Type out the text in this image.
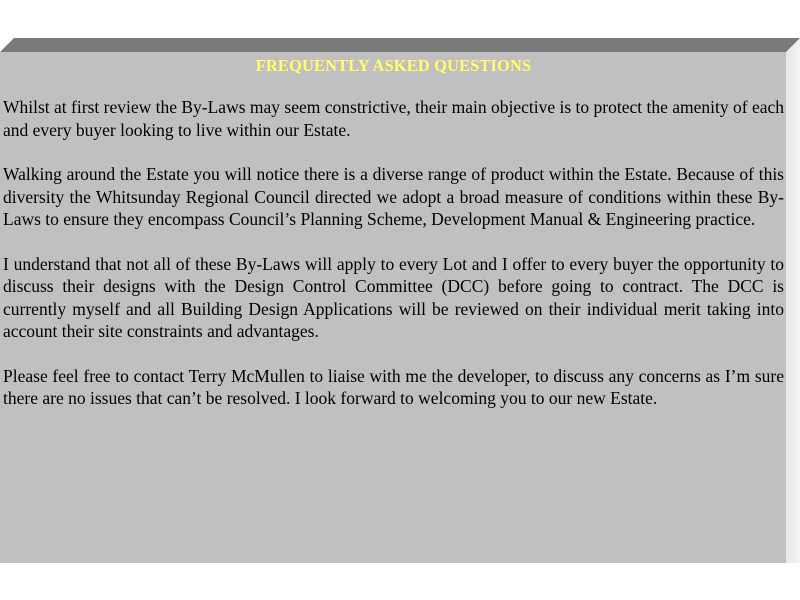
FREQUENTLY ASKED QUESTIONS

Whilst at first review the By-Laws may seem constrictive, their main objective is to protect the amenity of each and every buyer looking to live within our Estate.

Walking around the Estate you will notice there is a diverse range of product within the Estate. Because of this diversity the Whitsunday Regional Council directed we adopt a broad measure of conditions within these By-Laws to ensure they encompass Council’s Planning Scheme, Development Manual & Engineering practice.

I understand that not all of these By-Laws will apply to every Lot and I offer to every buyer the opportunity to discuss their designs with the Design Control Committee (DCC) before going to contract. The DCC is currently myself and all Building Design Applications will be reviewed on their individual merit taking into account their site constraints and advantages.

Please feel free to contact Terry McMullen to liaise with me the developer, to discuss any concerns as I’m sure there are no issues that can’t be resolved. I look forward to welcoming you to our new Estate.
